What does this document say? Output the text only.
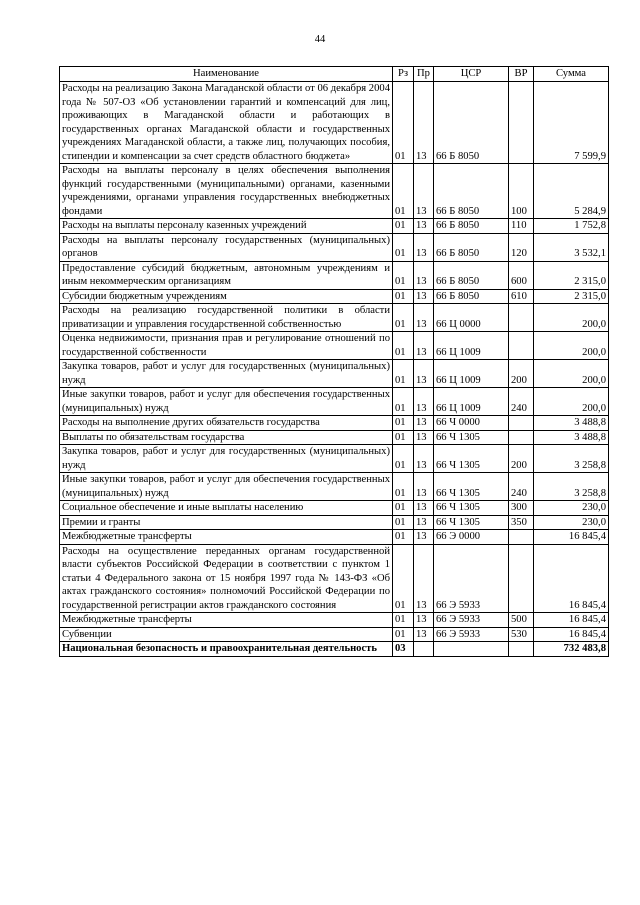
44
Наименование	Рз	Пр	ЦСР	ВР	Сумма
Расходы на реализацию Закона Магаданской области от 06 декабря 2004 года № 507-ОЗ «Об установлении гарантий и компенсаций для лиц, проживающих в Магаданской области и работающих в государственных органах Магаданской области и государственных учреждениях Магаданской области, а также лиц, получающих пособия, стипендии и компенсации за счет средств областного бюджета»	01	13	66 Б 8050		7 599,9
Расходы на выплаты персоналу в целях обеспечения выполнения функций государственными (муниципальными) органами, казенными учреждениями, органами управления государственных внебюджетных фондами	01	13	66 Б 8050	100	5 284,9
Расходы на выплаты персоналу казенных учреждений	01	13	66 Б 8050	110	1 752,8
Расходы на выплаты персоналу государственных (муниципальных) органов	01	13	66 Б 8050	120	3 532,1
Предоставление субсидий бюджетным, автономным учреждениям и иным некоммерческим организациям	01	13	66 Б 8050	600	2 315,0
Субсидии бюджетным учреждениям	01	13	66 Б 8050	610	2 315,0
Расходы на реализацию государственной политики в области приватизации и управления государственной собственностью	01	13	66 Ц 0000		200,0
Оценка недвижимости, признания прав и регулирование отношений по государственной собственности	01	13	66 Ц 1009		200,0
Закупка товаров, работ и услуг для государственных (муниципальных) нужд	01	13	66 Ц 1009	200	200,0
Иные закупки товаров, работ и услуг для обеспечения государственных (муниципальных) нужд	01	13	66 Ц 1009	240	200,0
Расходы на выполнение других обязательств государства	01	13	66 Ч 0000		3 488,8
Выплаты по обязательствам государства	01	13	66 Ч 1305		3 488,8
Закупка товаров, работ и услуг для государственных (муниципальных) нужд	01	13	66 Ч 1305	200	3 258,8
Иные закупки товаров, работ и услуг для обеспечения государственных (муниципальных) нужд	01	13	66 Ч 1305	240	3 258,8
Социальное обеспечение и иные выплаты населению	01	13	66 Ч 1305	300	230,0
Премии и гранты	01	13	66 Ч 1305	350	230,0
Межбюджетные трансферты	01	13	66 Э 0000		16 845,4
Расходы на осуществление переданных органам государственной власти субъектов Российской Федерации в соответствии с пунктом 1 статьи 4 Федерального закона от 15 ноября 1997 года № 143-ФЗ «Об актах гражданского состояния» полномочий Российской Федерации по государственной регистрации актов гражданского состояния	01	13	66 Э 5933		16 845,4
Межбюджетные трансферты	01	13	66 Э 5933	500	16 845,4
Субвенции	01	13	66 Э 5933	530	16 845,4
Национальная безопасность и правоохранительная деятельность	03				732 483,8
